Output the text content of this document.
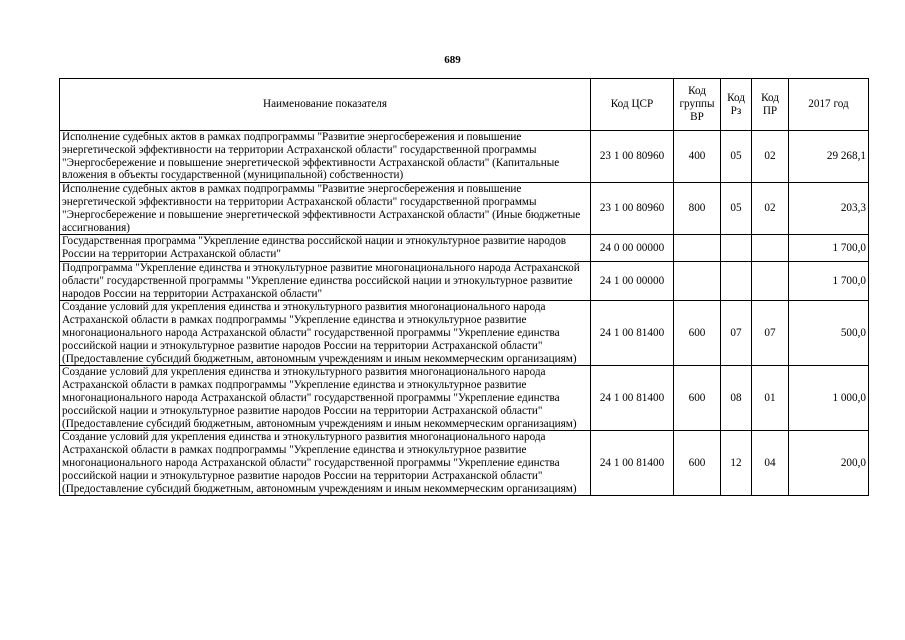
689
Наименование показателя	Код ЦСР	Код группы ВР	Код Рз	Код ПР	2017 год
Исполнение судебных актов в рамках подпрограммы "Развитие энергосбережения и повышение энергетической эффективности на территории Астраханской области" государственной программы "Энергосбережение и повышение энергетической эффективности Астраханской области" (Капитальные вложения в объекты государственной (муниципальной) собственности)	23 1 00 80960	400	05	02	29 268,1
Исполнение судебных актов в рамках подпрограммы "Развитие энергосбережения и повышение энергетической эффективности на территории Астраханской области" государственной программы "Энергосбережение и повышение энергетической эффективности Астраханской области" (Иные бюджетные ассигнования)	23 1 00 80960	800	05	02	203,3
Государственная программа "Укрепление единства российской нации и этнокультурное развитие народов России на территории Астраханской области"	24 0 00 00000				1 700,0
Подпрограмма "Укрепление единства и этнокультурное развитие многонационального народа Астраханской области" государственной программы "Укрепление единства российской нации и этнокультурное развитие народов России на территории Астраханской области"	24 1 00 00000				1 700,0
Создание условий для укрепления единства и этнокультурного развития многонационального народа Астраханской области в рамках подпрограммы "Укрепление единства и этнокультурное развитие многонационального народа Астраханской области" государственной программы "Укрепление единства российской нации и этнокультурное развитие народов России на территории Астраханской области" (Предоставление субсидий бюджетным, автономным учреждениям и иным некоммерческим организациям)	24 1 00 81400	600	07	07	500,0
Создание условий для укрепления единства и этнокультурного развития многонационального народа Астраханской области в рамках подпрограммы "Укрепление единства и этнокультурное развитие многонационального народа Астраханской области" государственной программы "Укрепление единства российской нации и этнокультурное развитие народов России на территории Астраханской области" (Предоставление субсидий бюджетным, автономным учреждениям и иным некоммерческим организациям)	24 1 00 81400	600	08	01	1 000,0
Создание условий для укрепления единства и этнокультурного развития многонационального народа Астраханской области в рамках подпрограммы "Укрепление единства и этнокультурное развитие многонационального народа Астраханской области" государственной программы "Укрепление единства российской нации и этнокультурное развитие народов России на территории Астраханской области" (Предоставление субсидий бюджетным, автономным учреждениям и иным некоммерческим организациям)	24 1 00 81400	600	12	04	200,0
